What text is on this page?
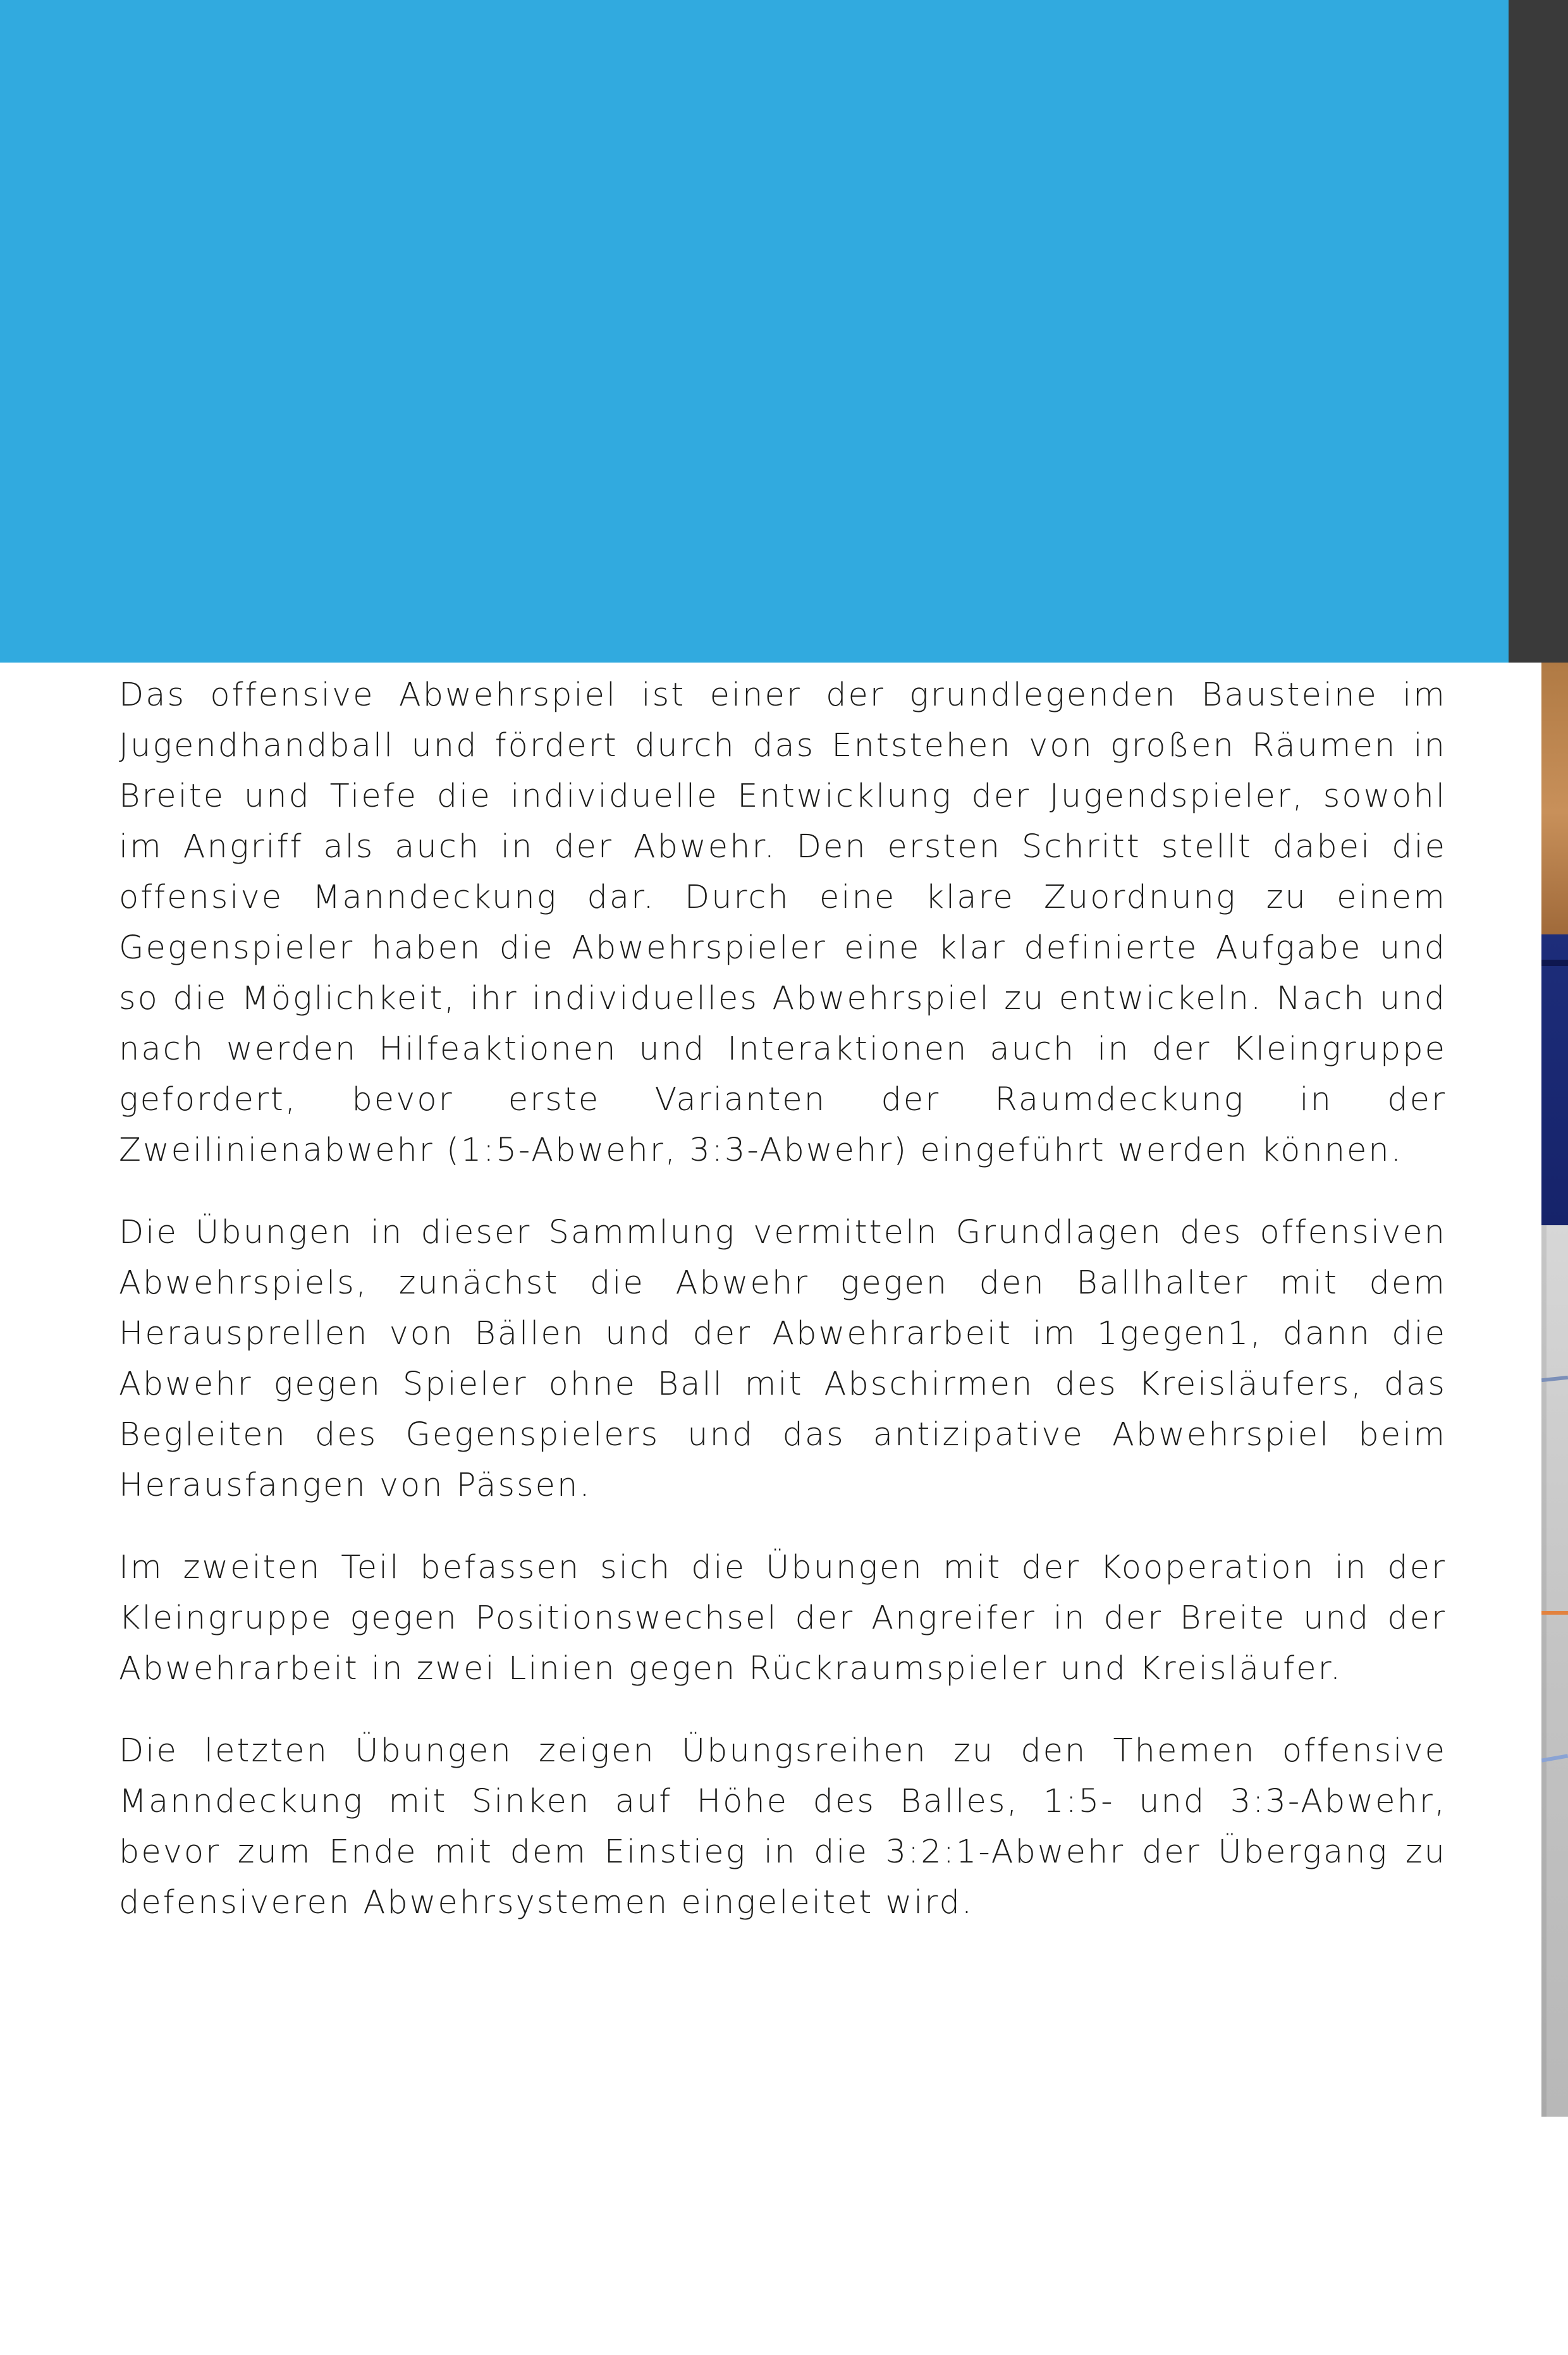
Das offensive Abwehrspiel ist einer der grundlegenden Bausteine im Jugendhandball und fördert durch das Entstehen von großen Räumen in Breite und Tiefe die individuelle Entwicklung der Jugendspieler, sowohl im Angriff als auch in der Abwehr. Den ersten Schritt stellt dabei die offensive Manndeckung dar. Durch eine klare Zuordnung zu einem Gegenspieler haben die Abwehrspieler eine klar definierte Aufgabe und so die Möglichkeit, ihr individuelles Abwehrspiel zu entwickeln. Nach und nach werden Hilfeaktionen und Interaktionen auch in der Kleingruppe gefordert, bevor erste Varianten der Raumdeckung in der Zweilinienabwehr (1:5-Abwehr, 3:3-Abwehr) eingeführt werden können.

Die Übungen in dieser Sammlung vermitteln Grundlagen des offensiven Abwehrspiels, zunächst die Abwehr gegen den Ballhalter mit dem Herausprellen von Bällen und der Abwehrarbeit im 1gegen1, dann die Abwehr gegen Spieler ohne Ball mit Abschirmen des Kreisläufers, das Begleiten des Gegenspielers und das antizipative Abwehrspiel beim Herausfangen von Pässen.

Im zweiten Teil befassen sich die Übungen mit der Kooperation in der Kleingruppe gegen Positionswechsel der Angreifer in der Breite und der Abwehrarbeit in zwei Linien gegen Rückraumspieler und Kreisläufer.

Die letzten Übungen zeigen Übungsreihen zu den Themen offensive Manndeckung mit Sinken auf Höhe des Balles, 1:5- und 3:3-Abwehr, bevor zum Ende mit dem Einstieg in die 3:2:1-Abwehr der Übergang zu defensiveren Abwehrsystemen eingeleitet wird.
